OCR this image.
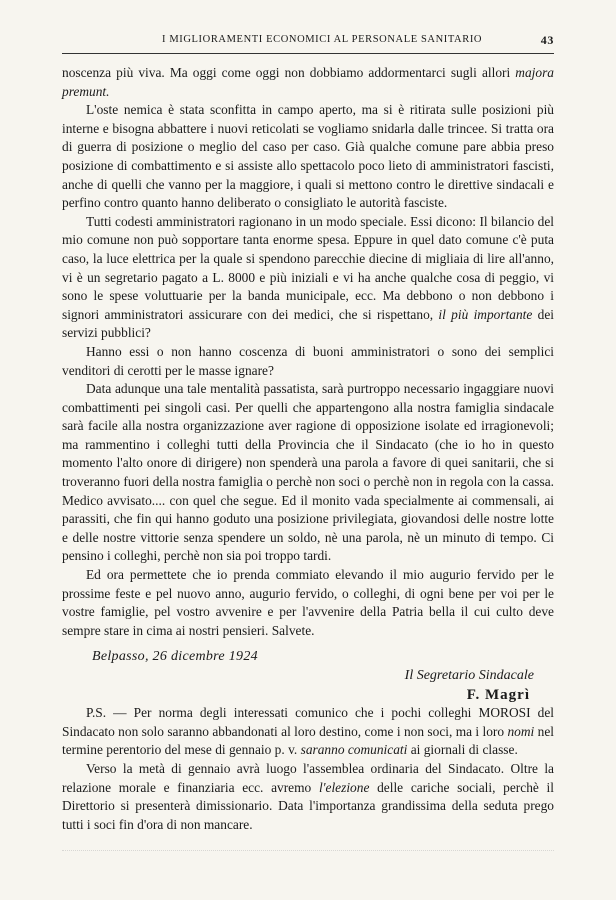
I MIGLIORAMENTI ECONOMICI AL PERSONALE SANITARIO	43

noscenza più viva. Ma oggi come oggi non dobbiamo addormentarci sugli allori majora premunt.

L'oste nemica è stata sconfitta in campo aperto, ma si è ritirata sulle posizioni più interne e bisogna abbattere i nuovi reticolati se vogliamo snidarla dalle trincee. Si tratta ora di guerra di posizione o meglio del caso per caso. Già qualche comune pare abbia preso posizione di combattimento e si assiste allo spettacolo poco lieto di amministratori fascisti, anche di quelli che vanno per la maggiore, i quali si mettono contro le direttive sindacali e perfino contro quanto hanno deliberato o consigliato le autorità fasciste.

Tutti codesti amministratori ragionano in un modo speciale. Essi dicono: Il bilancio del mio comune non può sopportare tanta enorme spesa. Eppure in quel dato comune c'è puta caso, la luce elettrica per la quale si spendono parecchie diecine di migliaia di lire all'anno, vi è un segretario pagato a L. 8000 e più iniziali e vi ha anche qualche cosa di peggio, vi sono le spese voluttuarie per la banda municipale, ecc. Ma debbono o non debbono i signori amministratori assicurare con dei medici, che si rispettano, il più importante dei servizi pubblici?

Hanno essi o non hanno coscenza di buoni amministratori o sono dei semplici venditori di cerotti per le masse ignare?

Data adunque una tale mentalità passatista, sarà purtroppo necessario ingaggiare nuovi combattimenti pei singoli casi. Per quelli che appartengono alla nostra famiglia sindacale sarà facile alla nostra organizzazione aver ragione di opposizione isolate ed irragionevoli; ma rammentino i colleghi tutti della Provincia che il Sindacato (che io ho in questo momento l'alto onore di dirigere) non spenderà una parola a favore di quei sanitarii, che si troveranno fuori della nostra famiglia o perchè non soci o perchè non in regola con la cassa. Medico avvisato.... con quel che segue. Ed il monito vada specialmente ai commensali, ai parassiti, che fin qui hanno goduto una posizione privilegiata, giovandosi delle nostre lotte e delle nostre vittorie senza spendere un soldo, nè una parola, nè un minuto di tempo. Ci pensino i colleghi, perchè non sia poi troppo tardi.

Ed ora permettete che io prenda commiato elevando il mio augurio fervido per le prossime feste e pel nuovo anno, augurio fervido, o colleghi, di ogni bene per voi per le vostre famiglie, pel vostro avvenire e per l'avvenire della Patria bella il cui culto deve sempre stare in cima ai nostri pensieri. Salvete.

Belpasso, 26 dicembre 1924

Il Segretario Sindacale

F. Magrì

P.S. — Per norma degli interessati comunico che i pochi colleghi MOROSI del Sindacato non solo saranno abbandonati al loro destino, come i non soci, ma i loro nomi nel termine perentorio del mese di gennaio p. v. saranno comunicati ai giornali di classe.

Verso la metà di gennaio avrà luogo l'assemblea ordinaria del Sindacato. Oltre la relazione morale e finanziaria ecc. avremo l'elezione delle cariche sociali, perchè il Direttorio si presenterà dimissionario. Data l'importanza grandissima della seduta prego tutti i soci fin d'ora di non mancare.
